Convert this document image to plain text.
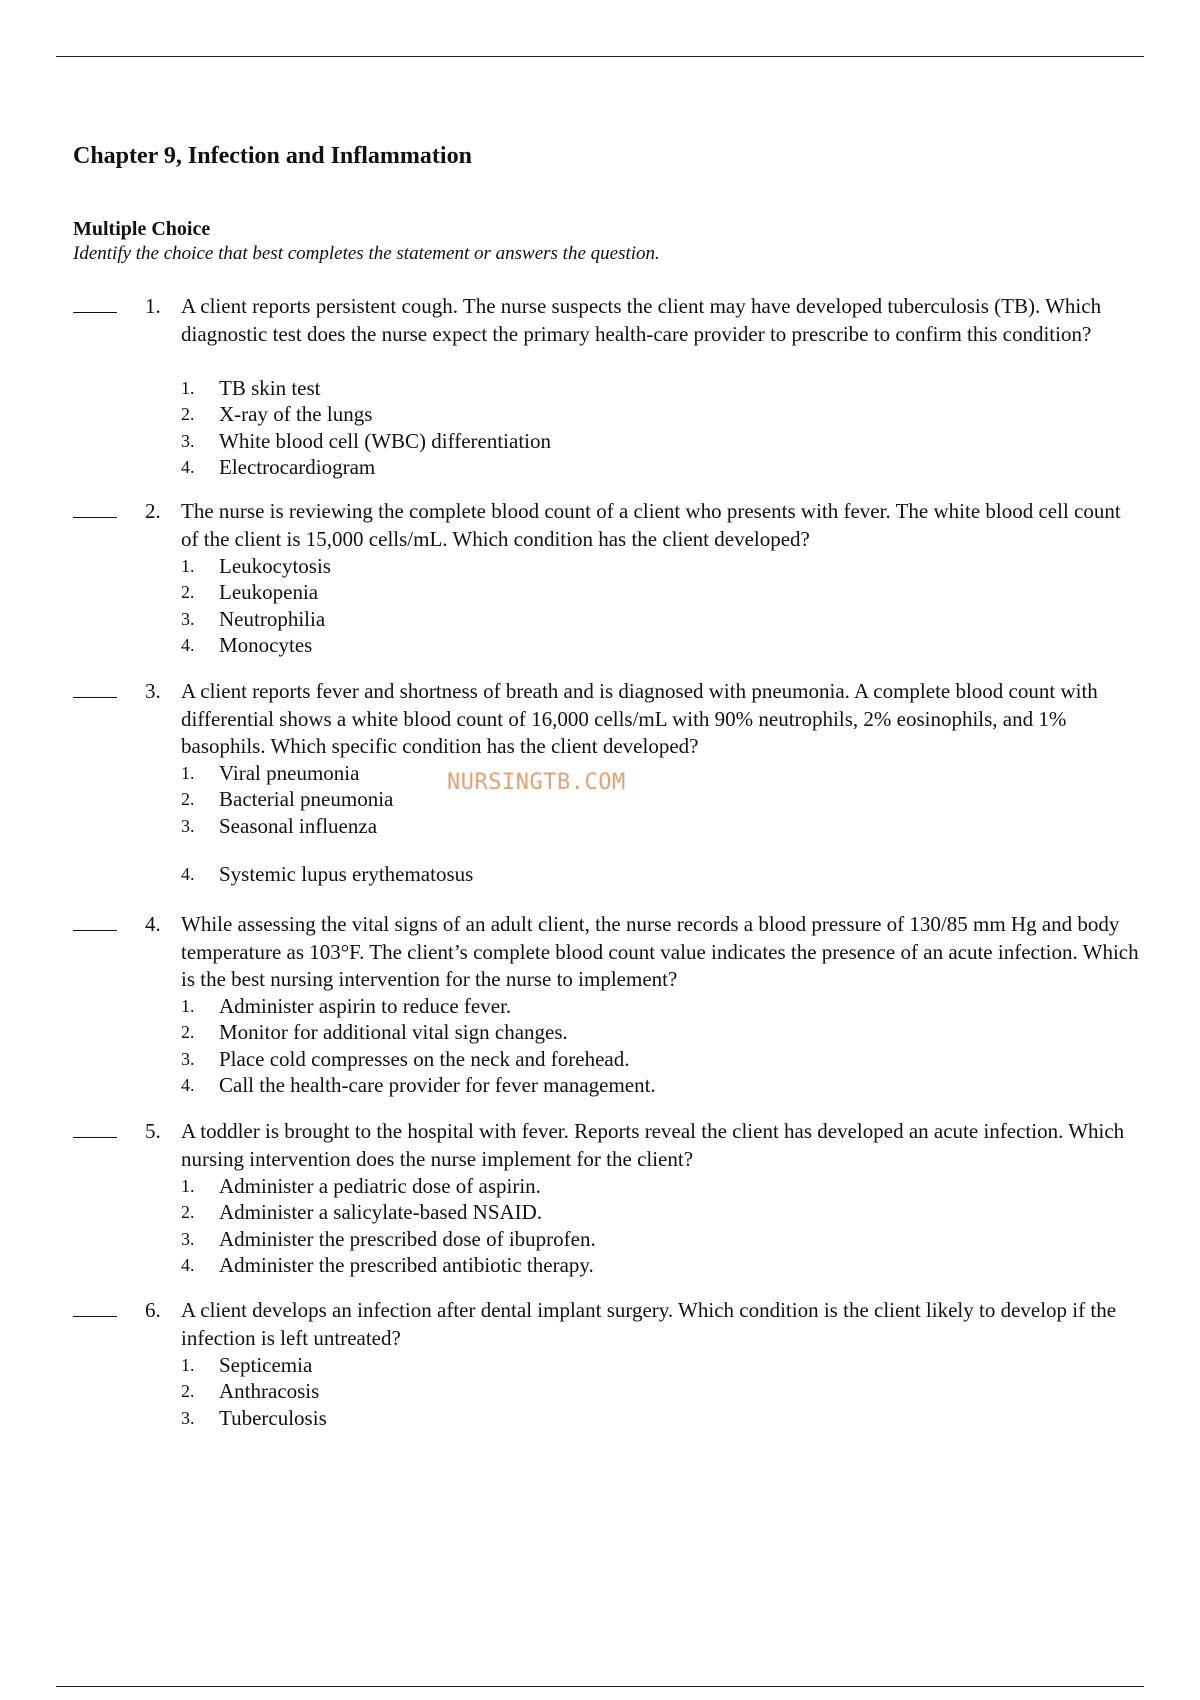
Chapter 9, Infection and Inflammation
Multiple Choice
Identify the choice that best completes the statement or answers the question.
1. A client reports persistent cough. The nurse suspects the client may have developed tuberculosis (TB). Which diagnostic test does the nurse expect the primary health-care provider to prescribe to confirm this condition?

1. TB skin test
2. X-ray of the lungs
3. White blood cell (WBC) differentiation
4. Electrocardiogram
2. The nurse is reviewing the complete blood count of a client who presents with fever. The white blood cell count of the client is 15,000 cells/mL. Which condition has the client developed?

1. Leukocytosis
2. Leukopenia
3. Neutrophilia
4. Monocytes
3. A client reports fever and shortness of breath and is diagnosed with pneumonia. A complete blood count with differential shows a white blood count of 16,000 cells/mL with 90% neutrophils, 2% eosinophils, and 1% basophils. Which specific condition has the client developed?

1. Viral pneumonia
2. Bacterial pneumonia
3. Seasonal influenza
4. Systemic lupus erythematosus
NURSINGTB.COM
4. While assessing the vital signs of an adult client, the nurse records a blood pressure of 130/85 mm Hg and body temperature as 103°F. The client’s complete blood count value indicates the presence of an acute infection. Which is the best nursing intervention for the nurse to implement?

1. Administer aspirin to reduce fever.
2. Monitor for additional vital sign changes.
3. Place cold compresses on the neck and forehead.
4. Call the health-care provider for fever management.
5. A toddler is brought to the hospital with fever. Reports reveal the client has developed an acute infection. Which nursing intervention does the nurse implement for the client?

1. Administer a pediatric dose of aspirin.
2. Administer a salicylate-based NSAID.
3. Administer the prescribed dose of ibuprofen.
4. Administer the prescribed antibiotic therapy.
6. A client develops an infection after dental implant surgery. Which condition is the client likely to develop if the infection is left untreated?

1. Septicemia
2. Anthracosis
3. Tuberculosis
